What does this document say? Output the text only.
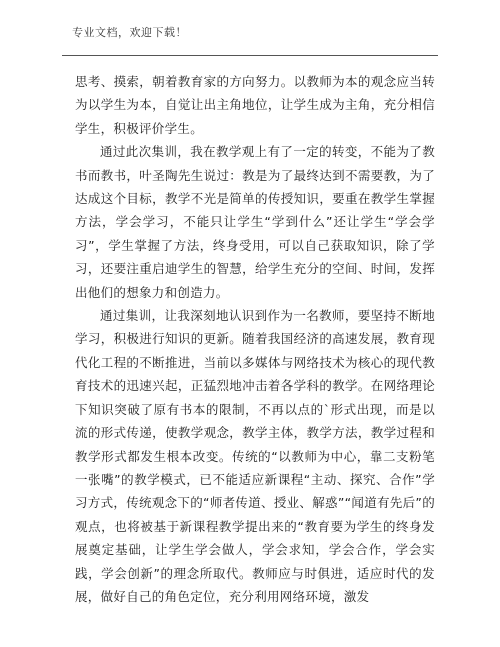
专业文档，欢迎下载！

思考、摸索，朝着教育家的方向努力。以教师为本的观念应当转为以学生为本，自觉让出主角地位，让学生成为主角，充分相信学生，积极评价学生。

通过此次集训，我在教学观上有了一定的转变，不能为了教书而教书，叶圣陶先生说过：教是为了最终达到不需要教，为了达成这个目标，教学不光是简单的传授知识，要重在教学生掌握方法，学会学习，不能只让学生“学到什么”还让学生“学会学习”，学生掌握了方法，终身受用，可以自己获取知识，除了学习，还要注重启迪学生的智慧，给学生充分的空间、时间，发挥出他们的想象力和创造力。

通过集训，让我深刻地认识到作为一名教师，要坚持不断地学习，积极进行知识的更新。随着我国经济的高速发展，教育现代化工程的不断推进，当前以多媒体与网络技术为核心的现代教育技术的迅速兴起，正猛烈地冲击着各学科的教学。在网络理论下知识突破了原有书本的限制，不再以点的`形式出现，而是以流的形式传递，使教学观念，教学主体，教学方法，教学过程和教学形式都发生根本改变。传统的“以教师为中心，靠二支粉笔一张嘴”的教学模式，已不能适应新课程“主动、探究、合作”学习方式，传统观念下的“师者传道、授业、解惑”“闻道有先后”的观点，也将被基于新课程教学提出来的“教育要为学生的终身发展奠定基础，让学生学会做人，学会求知，学会合作，学会实践，学会创新”的理念所取代。教师应与时俱进，适应时代的发展，做好自己的角色定位，充分利用网络环境，激发
